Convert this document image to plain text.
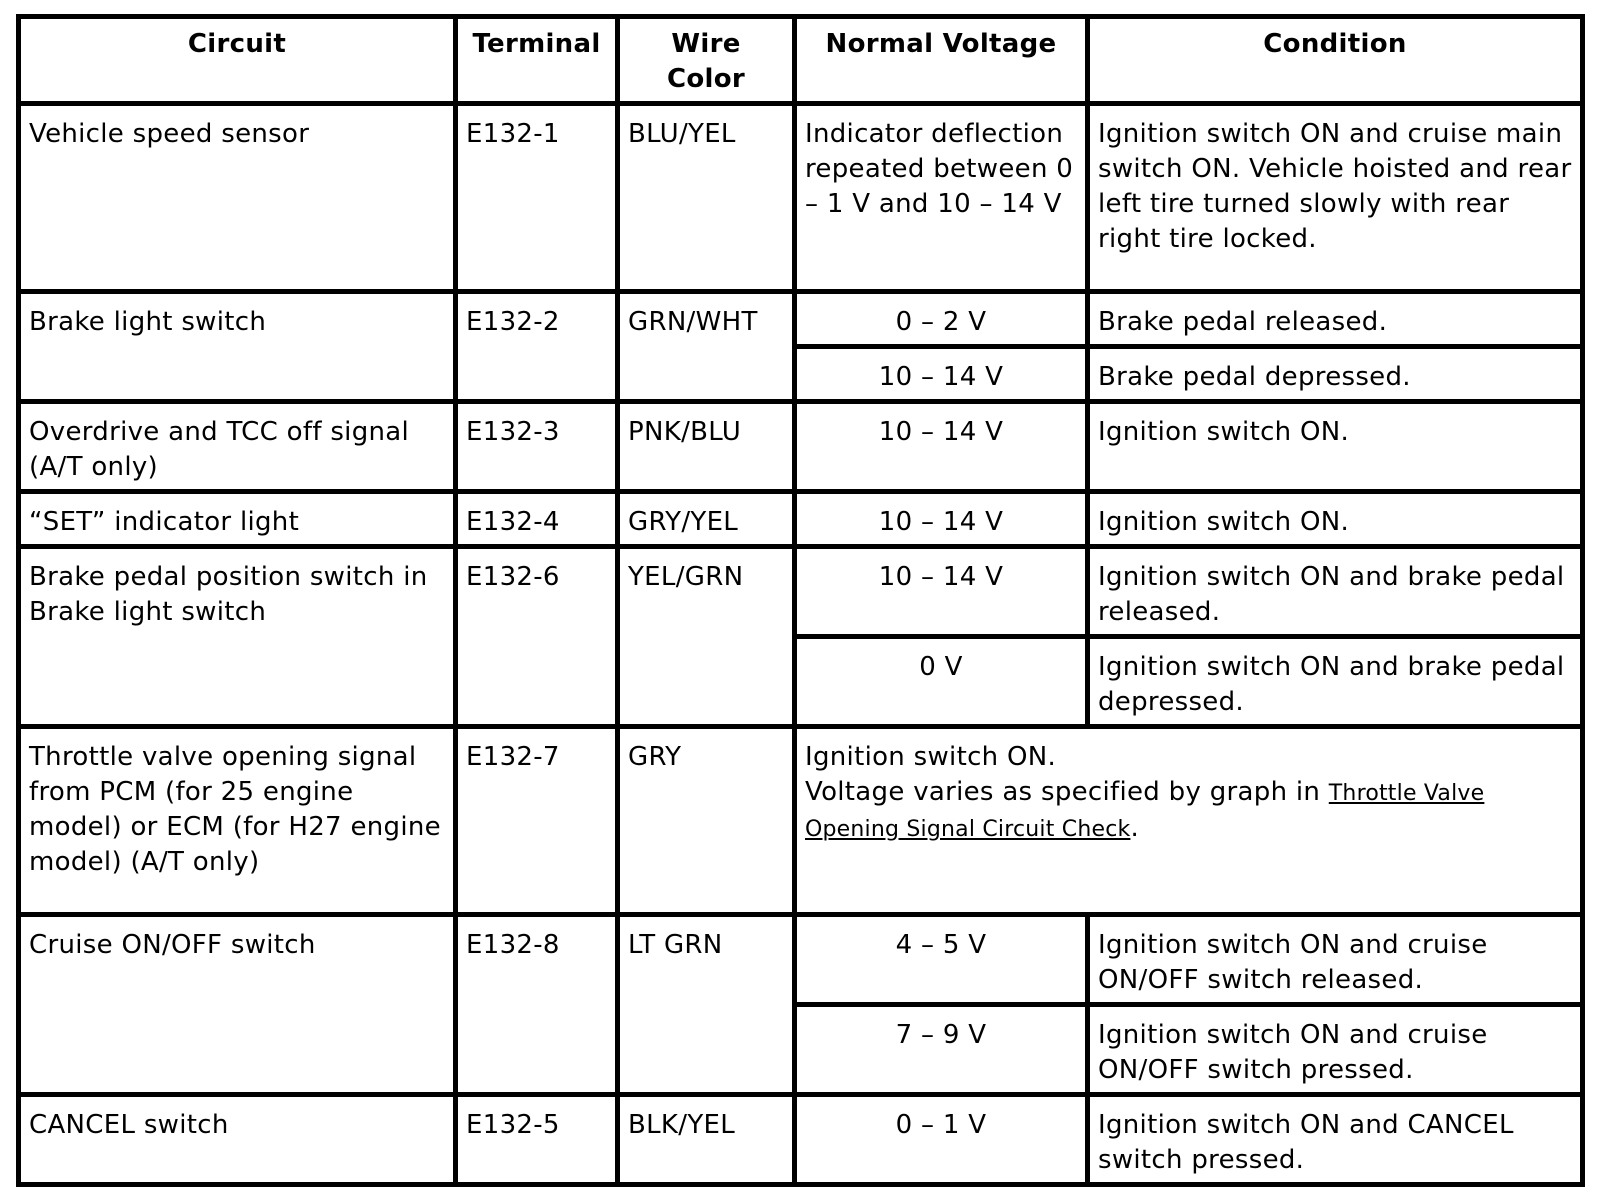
Circuit	Terminal	Wire Color	Normal Voltage	Condition
Vehicle speed sensor	E132-1	BLU/YEL	Indicator deflection repeated between 0 – 1 V and 10 – 14 V	Ignition switch ON and cruise main switch ON. Vehicle hoisted and rear left tire turned slowly with rear right tire locked.
Brake light switch	E132-2	GRN/WHT	0 – 2 V	Brake pedal released.
			10 – 14 V	Brake pedal depressed.
Overdrive and TCC off signal (A/T only)	E132-3	PNK/BLU	10 – 14 V	Ignition switch ON.
“SET” indicator light	E132-4	GRY/YEL	10 – 14 V	Ignition switch ON.
Brake pedal position switch in Brake light switch	E132-6	YEL/GRN	10 – 14 V	Ignition switch ON and brake pedal released.
			0 V	Ignition switch ON and brake pedal depressed.
Throttle valve opening signal from PCM (for 25 engine model) or ECM (for H27 engine model) (A/T only)	E132-7	GRY	Ignition switch ON.
Voltage varies as specified by graph in Throttle Valve Opening Signal Circuit Check.	

Cruise ON/OFF switch	E132-8	LT GRN	4 – 5 V	Ignition switch ON and cruise ON/OFF switch released.
			7 – 9 V	Ignition switch ON and cruise ON/OFF switch pressed.
CANCEL switch	E132-5	BLK/YEL	0 – 1 V	Ignition switch ON and CANCEL switch pressed.
